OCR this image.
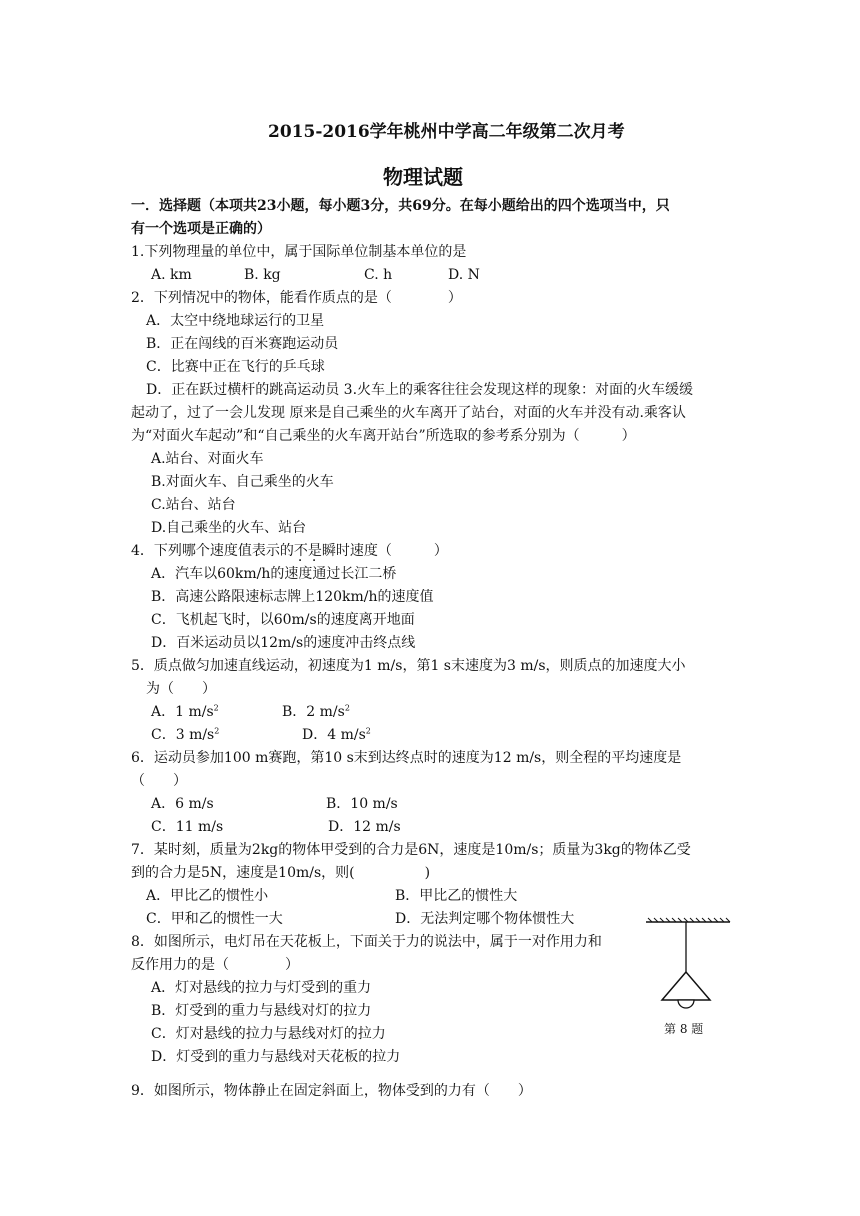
2015-2016学年桃州中学高二年级第二次月考
物理试题
一．选择题（本项共23小题，每小题3分，共69分。在每小题给出的四个选项当中，只
有一个选项是正确的）
1.下列物理量的单位中，属于国际单位制基本单位的是
A. km	B. kg	C. h	D. N
2．下列情况中的物体，能看作质点的是（　　　　）
A．太空中绕地球运行的卫星
B．正在闯线的百米赛跑运动员
C．比赛中正在飞行的乒乓球
D．正在跃过横杆的跳高运动员 3.火车上的乘客往往会发现这样的现象：对面的火车缓缓
起动了，过了一会儿发现 原来是自己乘坐的火车离开了站台，对面的火车并没有动.乘客认
为“对面火车起动”和“自己乘坐的火车离开站台”所选取的参考系分别为（　　　）
A.站台、对面火车
B.对面火车、自己乘坐的火车
C.站台、站台
D.自己乘坐的火车、站台
4．下列哪个速度值表示的不是瞬时速度（　　　）
A．汽车以60km/h的速度通过长江二桥
B．高速公路限速标志牌上120km/h的速度值
C．飞机起飞时，以60m/s的速度离开地面
D．百米运动员以12m/s的速度冲击终点线
5．质点做匀加速直线运动，初速度为1 m/s，第1 s末速度为3 m/s，则质点的加速度大小
为（　　）
A．1 $m/s^2$	B．2 $m/s^2$
C．3 $m/s^2$	D．4 $m/s^2$
6．运动员参加100 m赛跑，第10 s末到达终点时的速度为12 m/s，则全程的平均速度是
（　　）
A．6 m/s	B．10 m/s
C．11 m/s	D．12 m/s
7．某时刻，质量为2kg的物体甲受到的合力是6N，速度是10m/s；质量为3kg的物体乙受
到的合力是5N，速度是10m/s，则(　　　　　)
A．甲比乙的惯性小	B．甲比乙的惯性大
C．甲和乙的惯性一大	D．无法判定哪个物体惯性大
8．如图所示，电灯吊在天花板上，下面关于力的说法中，属于一对作用力和
反作用力的是（　　　　）
A．灯对悬线的拉力与灯受到的重力
B．灯受到的重力与悬线对灯的拉力
C．灯对悬线的拉力与悬线对灯的拉力
D．灯受到的重力与悬线对天花板的拉力
第 8 题
9．如图所示，物体静止在固定斜面上，物体受到的力有（　　）
